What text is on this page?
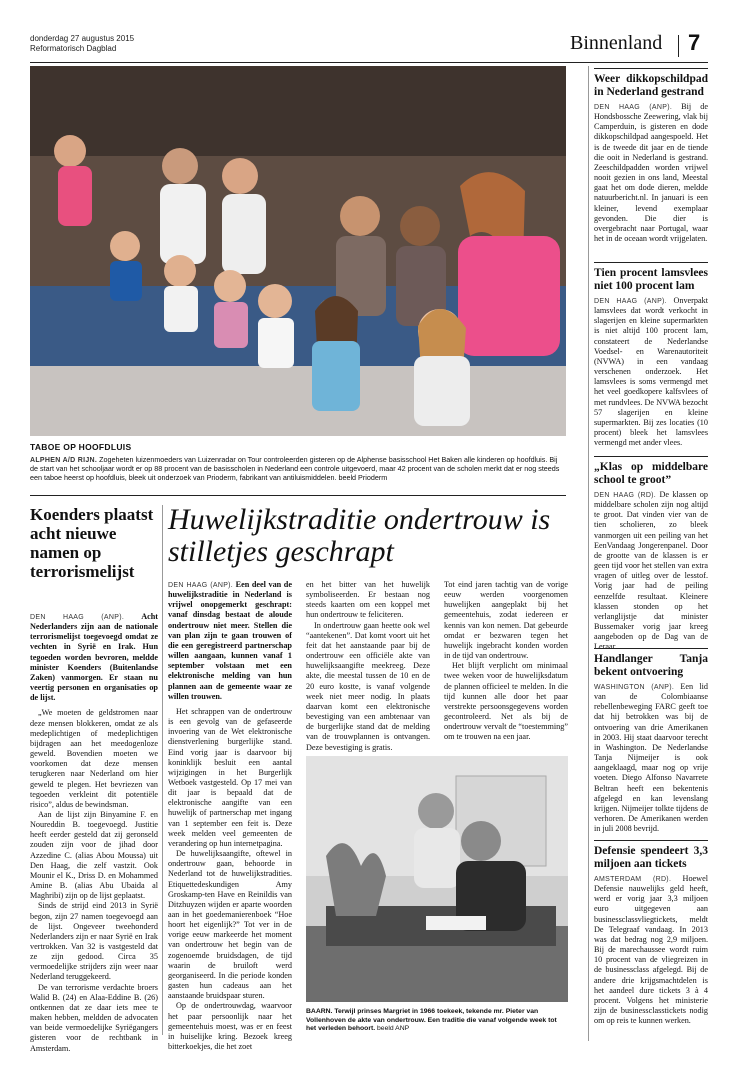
donderdag 27 augustus 2015
Reformatorisch Dagblad	Binnenland 7
TABOE OP HOOFDLUIS
ALPHEN A/D RIJN. Zogeheten luizenmoeders van Luizenradar on Tour controleerden gisteren op de Alphense basisschool Het Baken alle kinderen op hoofdluis. Bij de start van het schooljaar wordt er op 88 procent van de basisscholen in Nederland een controle uitgevoerd, maar 42 procent van de scholen merkt dat er nog steeds een taboe heerst op hoofdluis, bleek uit onderzoek van Prioderm, fabrikant van antiluismiddelen. beeld Prioderm
Koenders plaatst acht nieuwe namen op terrorismelijst

DEN HAAG (ANP). Acht Nederlanders zijn aan de nationale terrorismelijst toegevoegd omdat ze vechten in Syrië en Irak. Hun tegoeden worden bevroren, meldde minister Koenders (Buitenlandse Zaken) vanmorgen. Er staan nu veertig personen en organisaties op de lijst.

„We moeten de geldstromen naar deze mensen blokkeren, omdat ze als medeplichtigen of medeplichtigen bijdragen aan het meedogenloze geweld. Bovendien moeten we voorkomen dat deze mensen terugkeren naar Nederland om hier geweld te plegen. Het bevriezen van tegoeden verkleint dit potentiële risico”, aldus de bewindsman.

Aan de lijst zijn Binyamine F. en Noureddin B. toegevoegd. Justitie heeft eerder gesteld dat zij geronseld zouden zijn voor de jihad door Azzedine C. (alias Abou Moussa) uit Den Haag, die zelf vastzit. Ook Mounir el K., Driss D. en Mohammed Amine B. (alias Abu Ubaida al Maghribi) zijn op de lijst geplaatst.

Sinds de strijd eind 2013 in Syrië begon, zijn 27 namen toegevoegd aan de lijst. Ongeveer tweehonderd Nederlanders zijn er naar Syrië en Irak vertrokken. Van 32 is vastgesteld dat ze zijn gedood. Circa 35 vermoedelijke strijders zijn weer naar Nederland teruggekeerd.

De van terrorisme verdachte broers Walid B. (24) en Alaa-Eddine B. (26) ontkennen dat ze daar iets mee te maken hebben, meldden de advocaten van beide vermoedelijke Syriëgangers gisteren voor de rechtbank in Amsterdam.

Huwelijkstraditie ondertrouw is stilletjes geschrapt

DEN HAAG (ANP). Een deel van de huwelijkstraditie in Nederland is vrijwel onopgemerkt geschrapt: vanaf dinsdag bestaat de aloude ondertrouw niet meer. Stellen die van plan zijn te gaan trouwen of die een geregistreerd partnerschap willen aangaan, kunnen vanaf 1 september volstaan met een elektronische melding van hun plannen aan de gemeente waar ze willen trouwen.

Het schrappen van de ondertrouw is een gevolg van de gefaseerde invoering van de Wet elektronische dienstverlening burgerlijke stand. Eind vorig jaar is daarvoor bij koninklijk besluit een aantal wijzigingen in het Burgerlijk Wetboek vastgesteld. Op 17 mei van dit jaar is bepaald dat de elektronische aangifte van een huwelijk of partnerschap met ingang van 1 september een feit is. Deze week melden veel gemeenten de verandering op hun internetpagina.

De huwelijksaangifte, oftewel in ondertrouw gaan, behoorde in Nederland tot de huwelijkstradities. Etiquettedeskundigen Amy Groskamp-ten Have en Reinildis van Ditzhuyzen wijden er aparte woorden aan in het goedemanierenboek “Hoe hoort het eigenlijk?” Tot ver in de vorige eeuw markeerde het moment van ondertrouw het begin van de zogenoemde bruidsdagen, de tijd waarin de bruiloft werd georganiseerd. In die periode konden gasten hun cadeaus aan het aanstaande bruidspaar sturen.

Op de ondertrouwdag, waarvoor het paar persoonlijk naar het gemeentehuis moest, was er en feest in huiselijke kring. Bezoek kreeg bitterkoekjes, die het zoet

en het bitter van het huwelijk symboliseerden. Er bestaan nog steeds kaarten om een koppel met hun ondertrouw te feliciteren.

In ondertrouw gaan heette ook wel “aantekenen”. Dat komt voort uit het feit dat het aanstaande paar bij de ondertrouw een officiële akte van huwelijksaangifte meekreeg. Deze akte, die meestal tussen de 10 en de 20 euro kostte, is vanaf volgende week niet meer nodig. In plaats daarvan komt een elektronische bevestiging van een ambtenaar van de burgerlijke stand dat de melding van de trouwplannen is ontvangen. Deze bevestiging is gratis.

Tot eind jaren tachtig van de vorige eeuw werden voorgenomen huwelijken aangeplakt bij het gemeentehuis, zodat iedereen er kennis van kon nemen. Dat gebeurde omdat er bezwaren tegen het huwelijk ingebracht konden worden in de tijd van ondertrouw.

Het blijft verplicht om minimaal twee weken voor de huwelijksdatum de plannen officieel te melden. In die tijd kunnen alle door het paar verstrekte persoonsgegevens worden gecontroleerd. Net als bij de ondertrouw vervalt de “toestemming” om te trouwen na een jaar.

BAARN. Terwijl prinses Margriet in 1966 toekeek, tekende mr. Pieter van Vollenhoven de akte van ondertrouw. Een traditie die vanaf volgende week tot het verleden behoort. beeld ANP
Weer dikkopschildpad in Nederland gestrand

DEN HAAG (ANP). Bij de Hondsbossche Zeewering, vlak bij Camperduin, is gisteren en dode dikkopschildpad aangespoeld. Het is de tweede dit jaar en de tiende die ooit in Nederland is gestrand. Zeeschildpadden worden vrijwel nooit gezien in ons land, Meestal gaat het om dode dieren, meldde natuurbericht.nl. In januari is een kleiner, levend exemplaar gevonden. Die dier is overgebracht naar Portugal, waar het in de oceaan wordt vrijgelaten.

Tien procent lamsvlees niet 100 procent lam

DEN HAAG (ANP). Onverpakt lamsvlees dat wordt verkocht in slagerijen en kleine supermarkten is niet altijd 100 procent lam, constateert de Nederlandse Voedsel- en Warenautoriteit (NVWA) in een vandaag verschenen onderzoek. Het lamsvlees is soms vermengd met het veel goedkopere kalfsvlees of met rundvlees. De NVWA bezocht 57 slagerijen en kleine supermarkten. Bij zes locaties (10 procent) bleek het lamsvlees vermengd met ander vlees.

„Klas op middelbare school te groot”

DEN HAAG (RD). De klassen op middelbare scholen zijn nog altijd te groot. Dat vinden vier van de tien scholieren, zo bleek vanmorgen uit een peiling van het EenVandaag Jongerenpanel. Door de grootte van de klassen is er geen tijd voor het stellen van extra vragen of uitleg over de lesstof. Vorig jaar had de peiling eenzelfde resultaat. Kleinere klassen stonden op het verlanglijstje dat minister Bussemaker vorig jaar kreeg aangeboden op de Dag van de Leraar.

Handlanger Tanja bekent ontvoering

WASHINGTON (ANP). Een lid van de Colombiaanse rebellenbeweging FARC geeft toe dat hij betrokken was bij de ontvoering van drie Amerikanen in 2003. Hij staat daarvoor terecht in Washington. De Nederlandse Tanja Nijmeijer is ook aangeklaagd, maar nog op vrije voeten. Diego Alfonso Navarrete Beltran heeft een bekentenis afgelegd en kan levenslang krijgen. Nijmeijer tolkte tijdens de verhoren. De Amerikanen werden in juli 2008 bevrijd.

Defensie spendeert 3,3 miljoen aan tickets

AMSTERDAM (RD). Hoewel Defensie nauwelijks geld heeft, werd er vorig jaar 3,3 miljoen euro uitgegeven aan businessclassvliegtickets, meldt De Telegraaf vandaag. In 2013 was dat bedrag nog 2,9 miljoen. Bij de marechaussee wordt ruim 10 procent van de vliegreizen in de businessclass afgelegd. Bij de andere drie krijgsmachtdelen is het aandeel dure tickets 3 à 4 procent. Volgens het ministerie zijn de businessclasstickets nodig om op reis te kunnen werken.
